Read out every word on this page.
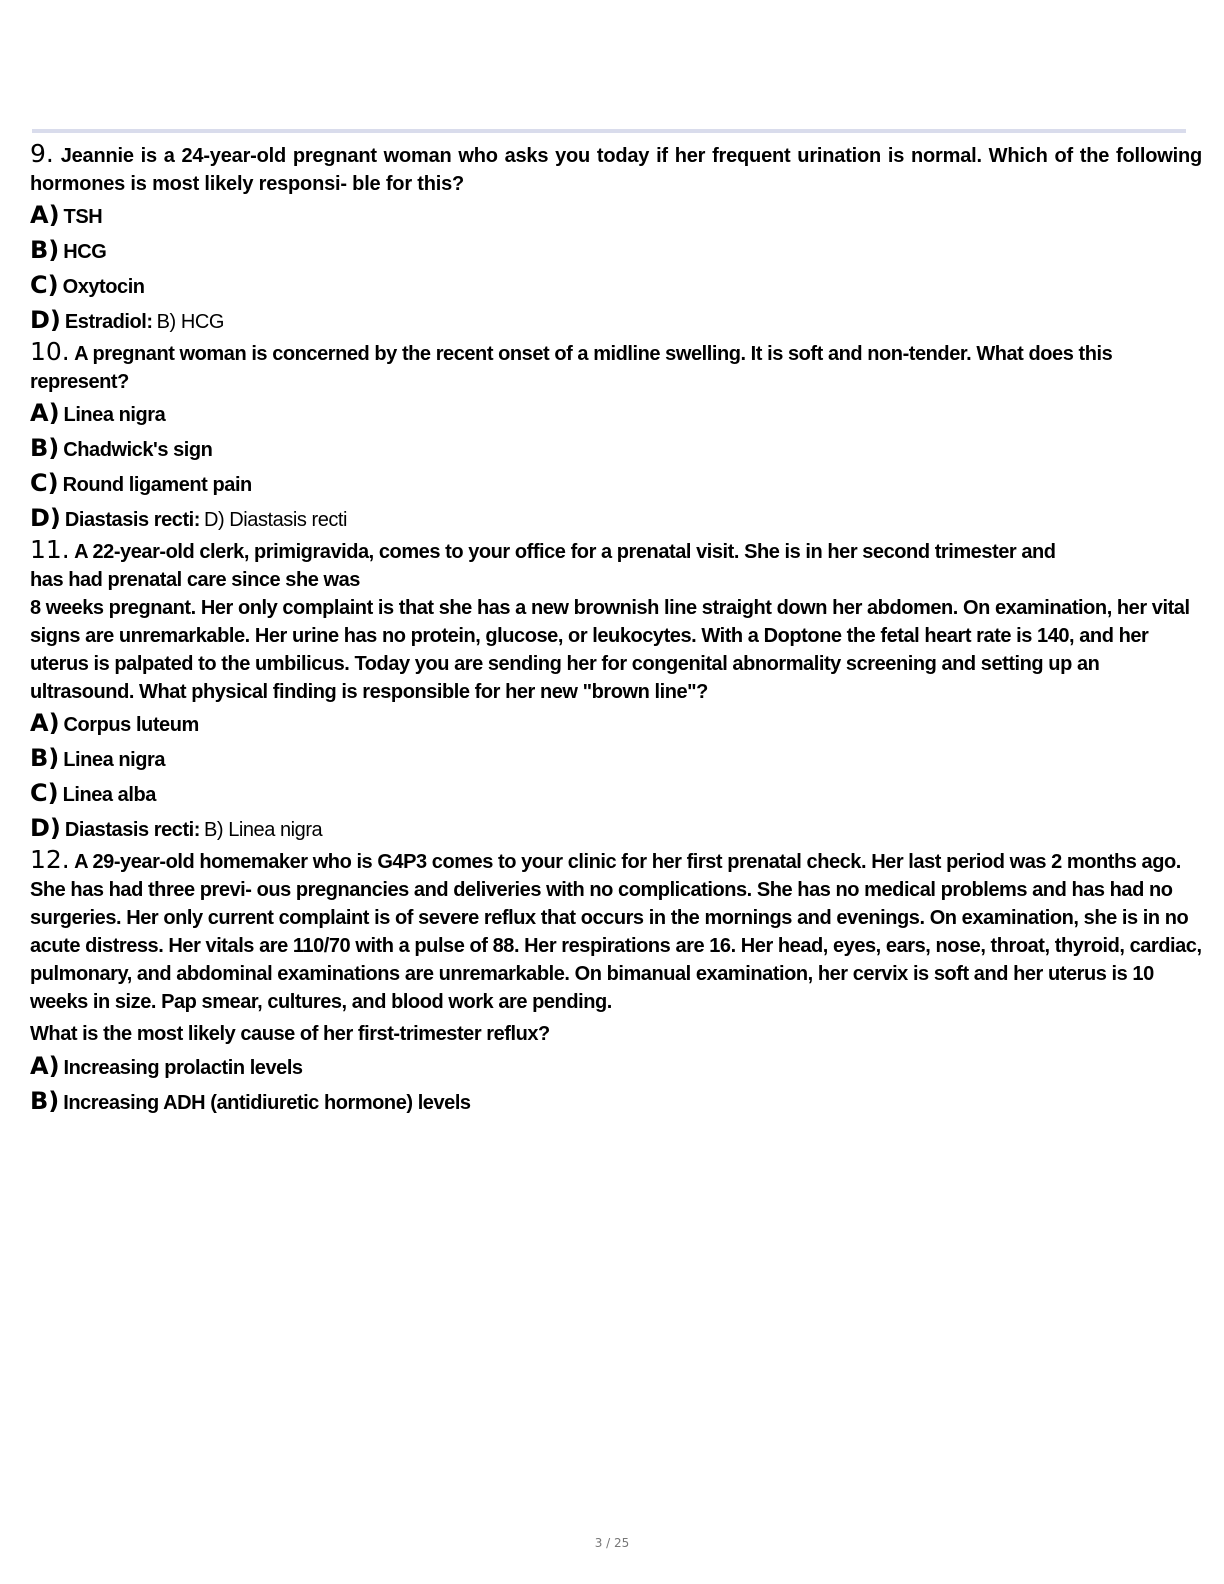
9. Jeannie is a 24-year-old pregnant woman who asks you today if her frequent urination is normal. Which of the following hormones is most likely responsi- ble for this?

A) TSH
B) HCG
C) Oxytocin
D) Estradiol: B) HCG

10. A pregnant woman is concerned by the recent onset of a midline swelling. It is soft and non-tender. What does this represent?

A) Linea nigra
B) Chadwick's sign
C) Round ligament pain
D) Diastasis recti: D) Diastasis recti

11. A 22-year-old clerk, primigravida, comes to your office for a prenatal visit. She is in her second trimester and
has had prenatal care since she was
8 weeks pregnant. Her only complaint is that she has a new brownish line straight down her abdomen. On examination, her vital signs are unremarkable. Her urine has no protein, glucose, or leukocytes. With a Doptone the fetal heart rate is 140, and her uterus is palpated to the umbilicus. Today you are sending her for congenital abnormality screening and setting up an ultrasound. What physical finding is responsible for her new "brown line"?

A) Corpus luteum
B) Linea nigra
C) Linea alba
D) Diastasis recti: B) Linea nigra

12. A 29-year-old homemaker who is G4P3 comes to your clinic for her first prenatal check. Her last period was 2 months ago. She has had three previ- ous pregnancies and deliveries with no complications. She has no medical problems and has had no surgeries. Her only current complaint is of severe reflux that occurs in the mornings and evenings. On examination, she is in no acute distress. Her vitals are 110/70 with a pulse of 88. Her respirations are 16. Her head, eyes, ears, nose, throat, thyroid, cardiac, pulmonary, and abdominal examinations are unremarkable. On bimanual examination, her cervix is soft and her uterus is 10 weeks in size. Pap smear, cultures, and blood work are pending.

What is the most likely cause of her first-trimester reflux?
A) Increasing prolactin levels
B) Increasing ADH (antidiuretic hormone) levels
3 / 25
